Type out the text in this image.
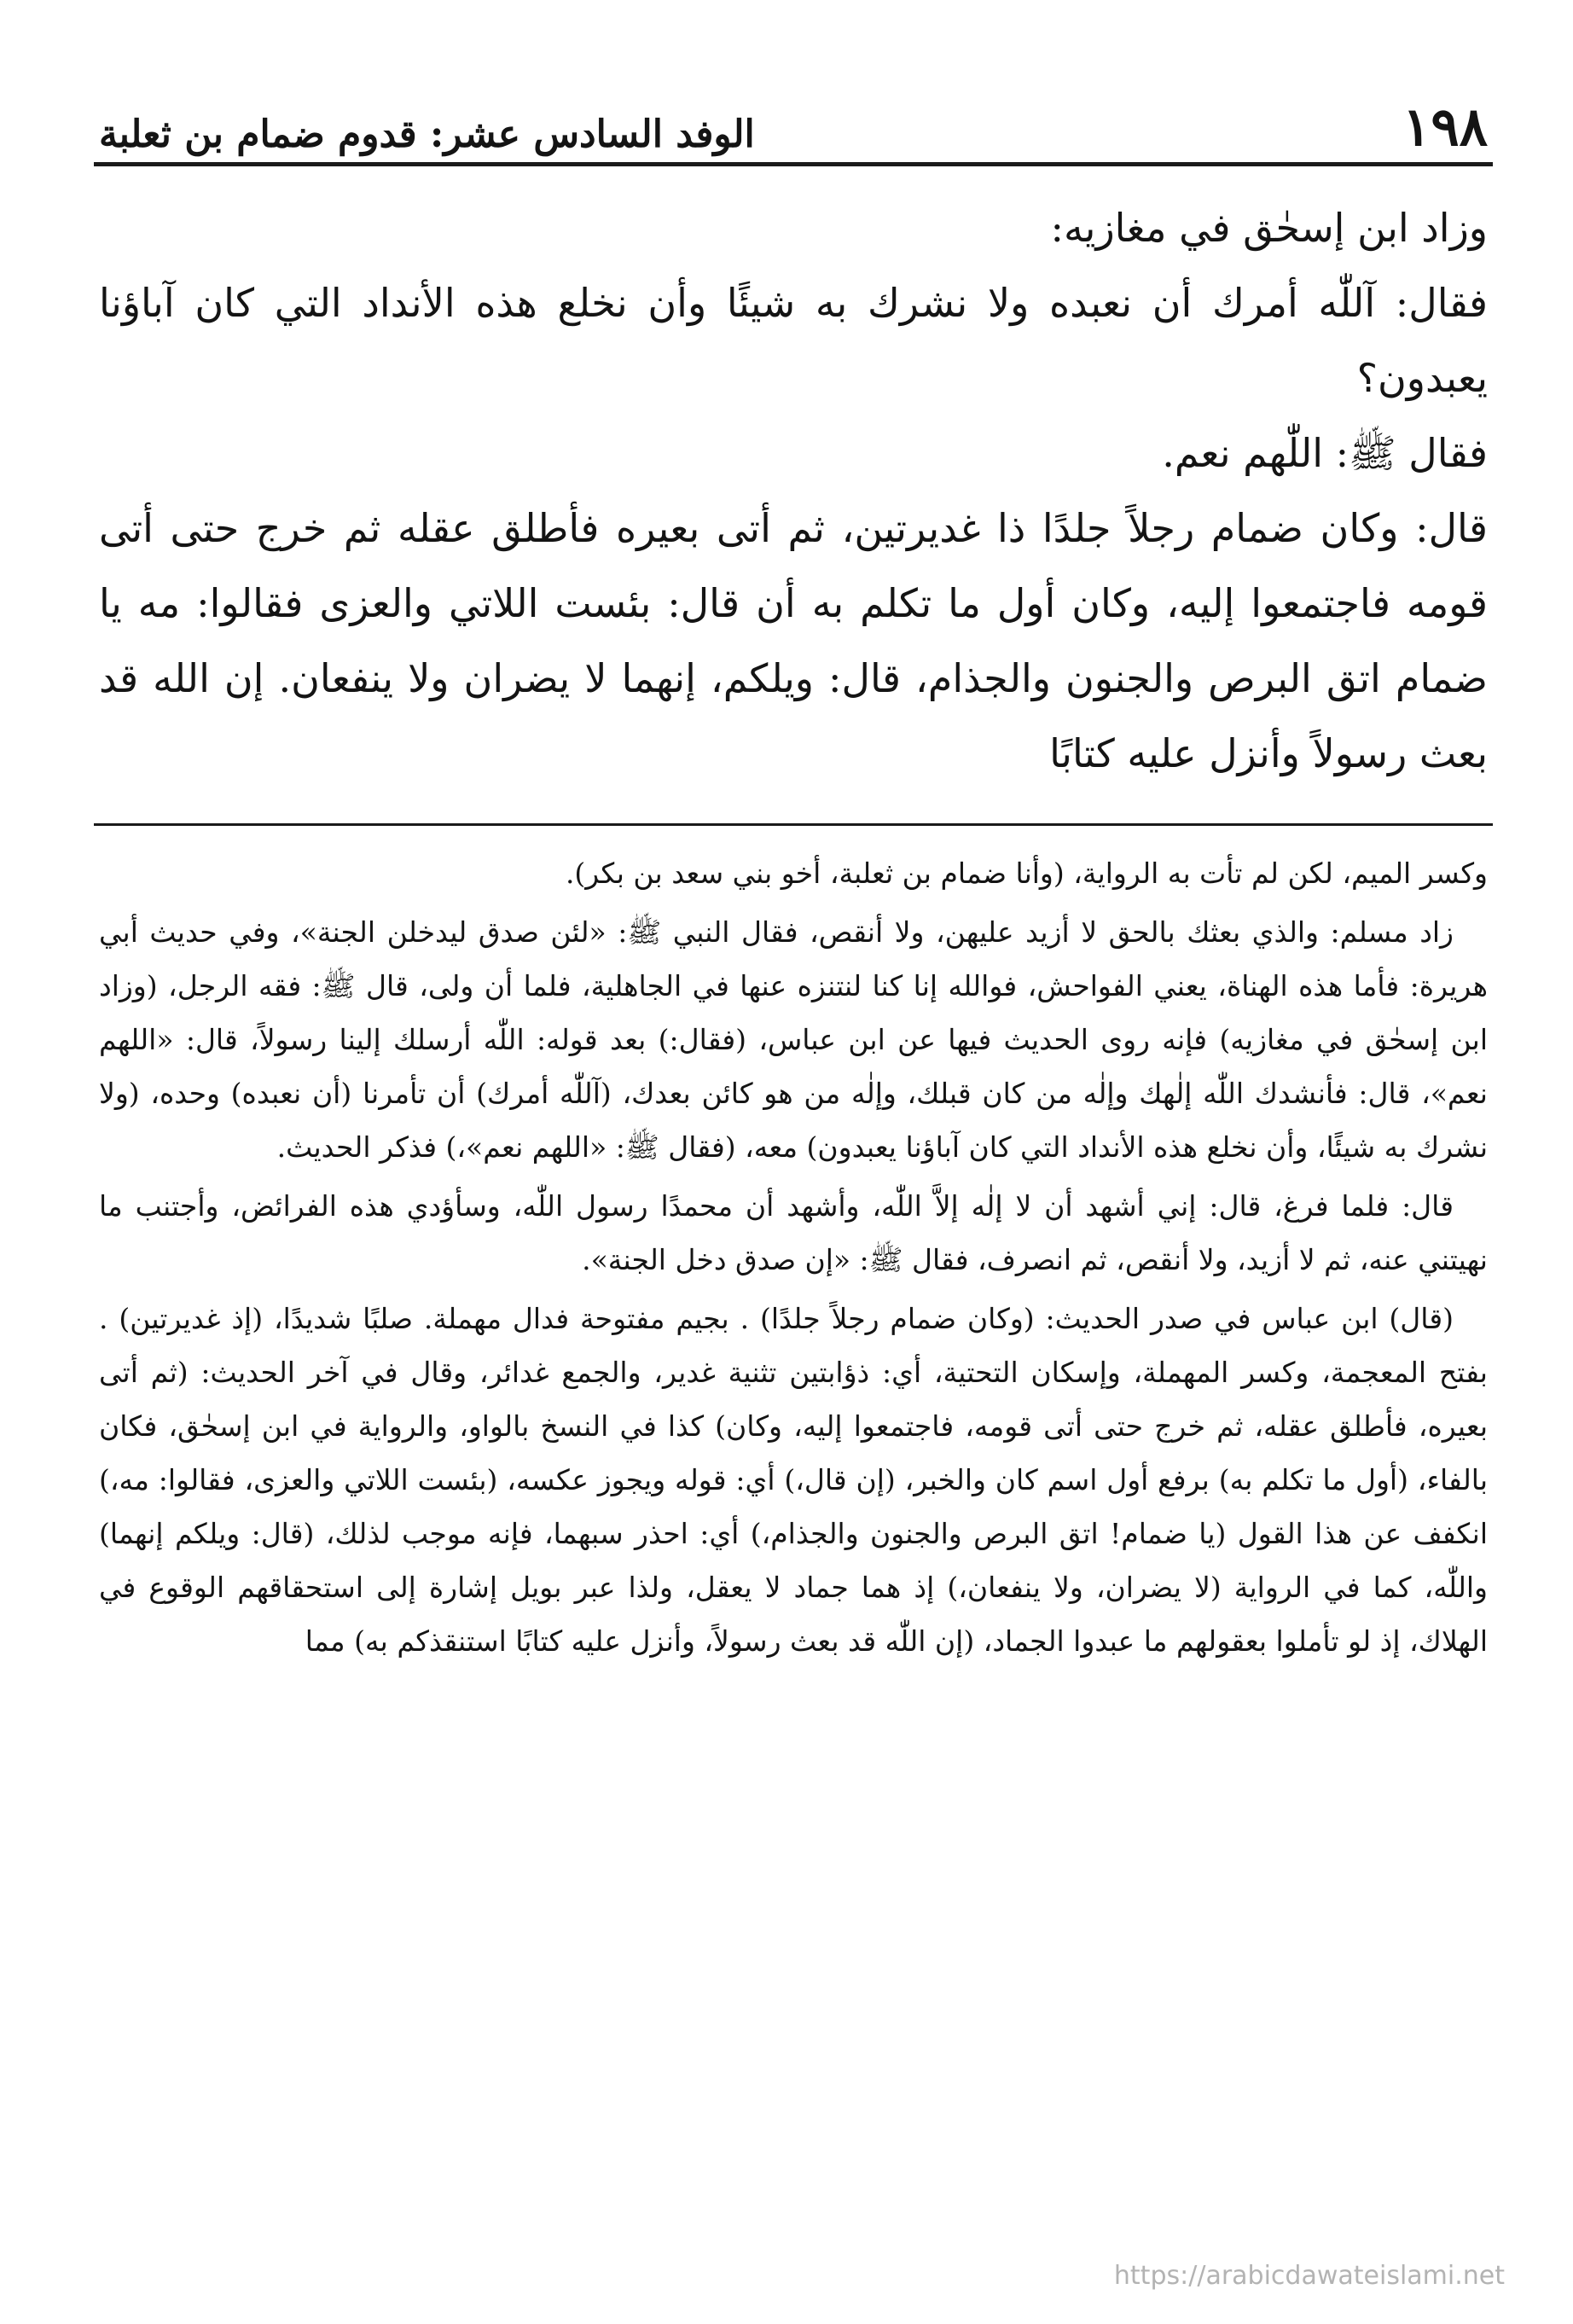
١٩٨
الوفد السادس عشر: قدوم ضمام بن ثعلبة

وزاد ابن إسحٰق في مغازيه:

فقال: آللّٰه أمرك أن نعبده ولا نشرك به شيئًا وأن نخلع هذه الأنداد التي كان آباؤنا يعبدون؟

فقال ﷺ: اللّٰهم نعم.

قال: وكان ضمام رجلاً جلدًا ذا غديرتين، ثم أتى بعيره فأطلق عقله ثم خرج حتى أتى قومه فاجتمعوا إليه، وكان أول ما تكلم به أن قال: بئست اللاتي والعزى فقالوا: مه يا ضمام اتق البرص والجنون والجذام، قال: ويلكم، إنهما لا يضران ولا ينفعان. إن الله قد بعث رسولاً وأنزل عليه كتابًا

وكسر الميم، لكن لم تأت به الرواية، (وأنا ضمام بن ثعلبة، أخو بني سعد بن بكر).

زاد مسلم: والذي بعثك بالحق لا أزيد عليهن، ولا أنقص، فقال النبي ﷺ: «لئن صدق ليدخلن الجنة»، وفي حديث أبي هريرة: فأما هذه الهناة، يعني الفواحش، فوالله إنا كنا لنتنزه عنها في الجاهلية، فلما أن ولى، قال ﷺ: فقه الرجل، (وزاد ابن إسحٰق في مغازيه) فإنه روى الحديث فيها عن ابن عباس، (فقال:) بعد قوله: اللّٰه أرسلك إلينا رسولاً، قال: «اللهم نعم»، قال: فأنشدك اللّٰه إلٰهك وإلٰه من كان قبلك، وإلٰه من هو كائن بعدك، (آللّٰه أمرك) أن تأمرنا (أن نعبده) وحده، (ولا نشرك به شيئًا، وأن نخلع هذه الأنداد التي كان آباؤنا يعبدون) معه، (فقال ﷺ: «اللهم نعم»،) فذكر الحديث.

قال: فلما فرغ، قال: إني أشهد أن لا إلٰه إلاَّ اللّٰه، وأشهد أن محمدًا رسول اللّٰه، وسأؤدي هذه الفرائض، وأجتنب ما نهيتني عنه، ثم لا أزيد، ولا أنقص، ثم انصرف، فقال ﷺ: «إن صدق دخل الجنة».

(قال) ابن عباس في صدر الحديث: (وكان ضمام رجلاً جلدًا) . بجيم مفتوحة فدال مهملة. صلبًا شديدًا، (إذ غديرتين) . بفتح المعجمة، وكسر المهملة، وإسكان التحتية، أي: ذؤابتين تثنية غدير، والجمع غدائر، وقال في آخر الحديث: (ثم أتى بعيره، فأطلق عقله، ثم خرج حتى أتى قومه، فاجتمعوا إليه، وكان) كذا في النسخ بالواو، والرواية في ابن إسحٰق، فكان بالفاء، (أول ما تكلم به) برفع أول اسم كان والخبر، (إن قال،) أي: قوله ويجوز عكسه، (بئست اللاتي والعزى، فقالوا: مه،) انكفف عن هذا القول (يا ضمام! اتق البرص والجنون والجذام،) أي: احذر سبهما، فإنه موجب لذلك، (قال: ويلكم إنهما) واللّٰه، كما في الرواية (لا يضران، ولا ينفعان،) إذ هما جماد لا يعقل، ولذا عبر بويل إشارة إلى استحقاقهم الوقوع في الهلاك، إذ لو تأملوا بعقولهم ما عبدوا الجماد، (إن اللّٰه قد بعث رسولاً، وأنزل عليه كتابًا استنقذكم به) مما

https://arabicdawateislami.net
